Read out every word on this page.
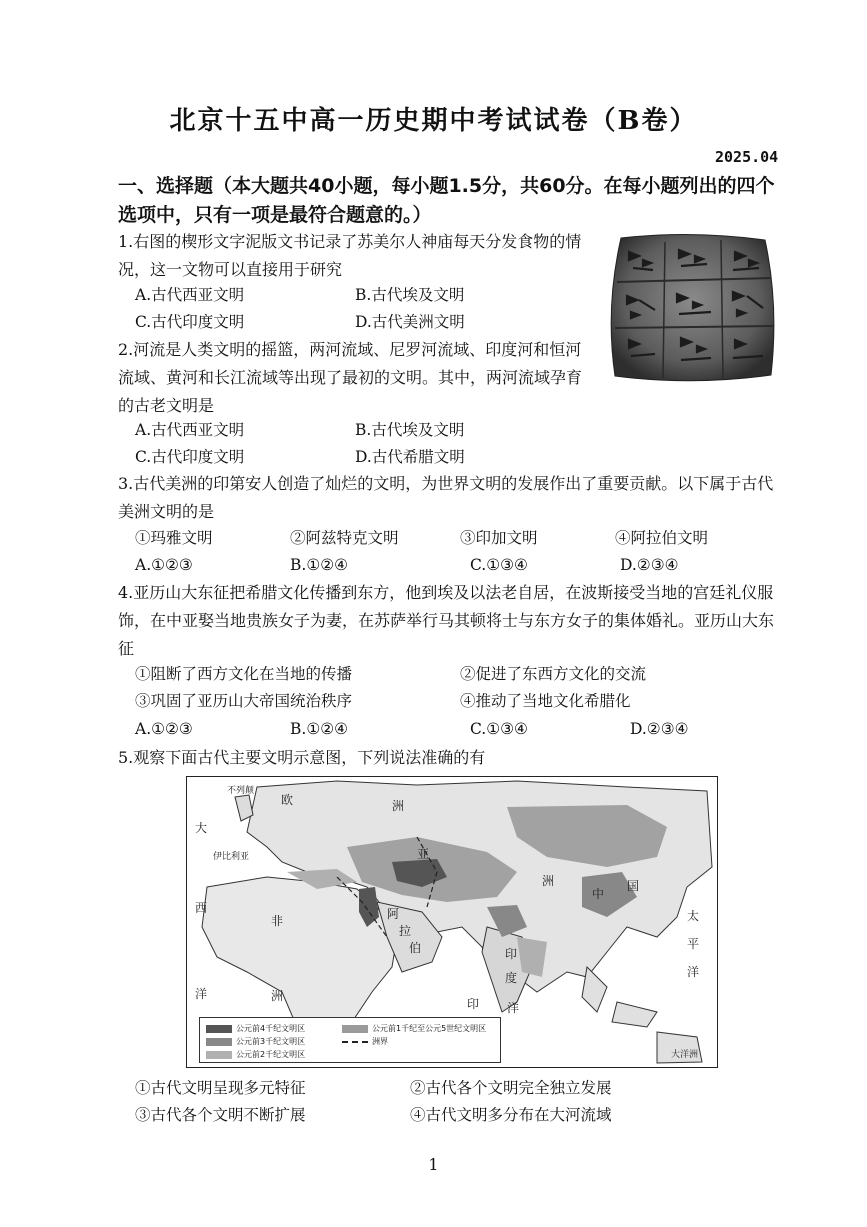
北京十五中高一历史期中考试试卷（B卷）
2025.04
一、选择题（本大题共40小题，每小题1.5分，共60分。在每小题列出的四个选项中，只有一项是最符合题意的。）
1.右图的楔形文字泥版文书记录了苏美尔人神庙每天分发食物的情况，这一文物可以直接用于研究
A.古代西亚文明	B.古代埃及文明
C.古代印度文明	D.古代美洲文明
2.河流是人类文明的摇篮，两河流域、尼罗河流域、印度河和恒河流域、黄河和长江流域等出现了最初的文明。其中，两河流域孕育的古老文明是
A.古代西亚文明	B.古代埃及文明
C.古代印度文明	D.古代希腊文明
3.古代美洲的印第安人创造了灿烂的文明，为世界文明的发展作出了重要贡献。以下属于古代美洲文明的是
①玛雅文明	②阿兹特克文明	③印加文明	④阿拉伯文明
A.①②③	B.①②④	C.①③④	D.②③④
4.亚历山大东征把希腊文化传播到东方，他到埃及以法老自居，在波斯接受当地的宫廷礼仪服饰，在中亚娶当地贵族女子为妻，在苏萨举行马其顿将士与东方女子的集体婚礼。亚历山大东征
①阻断了西方文化在当地的传播	②促进了东西方文化的交流
③巩固了亚历山大帝国统治秩序	④推动了当地文化希腊化
A.①②③	B.①②④	C.①③④	D.②③④
5.观察下面古代主要文明示意图，下列说法准确的有
大
西
洋
欧	洲
伊比利亚
不列颠
非
洲
亚
洲
印
度
阿
拉
伯
中
国
太
平
洋
印 洋
大洋洲
公元前4千纪文明区
公元前3千纪文明区
公元前2千纪文明区
公元前1千纪至公元5世纪文明区
洲界
①古代文明呈现多元特征	②古代各个文明完全独立发展
③古代各个文明不断扩展	④古代文明多分布在大河流域
1
